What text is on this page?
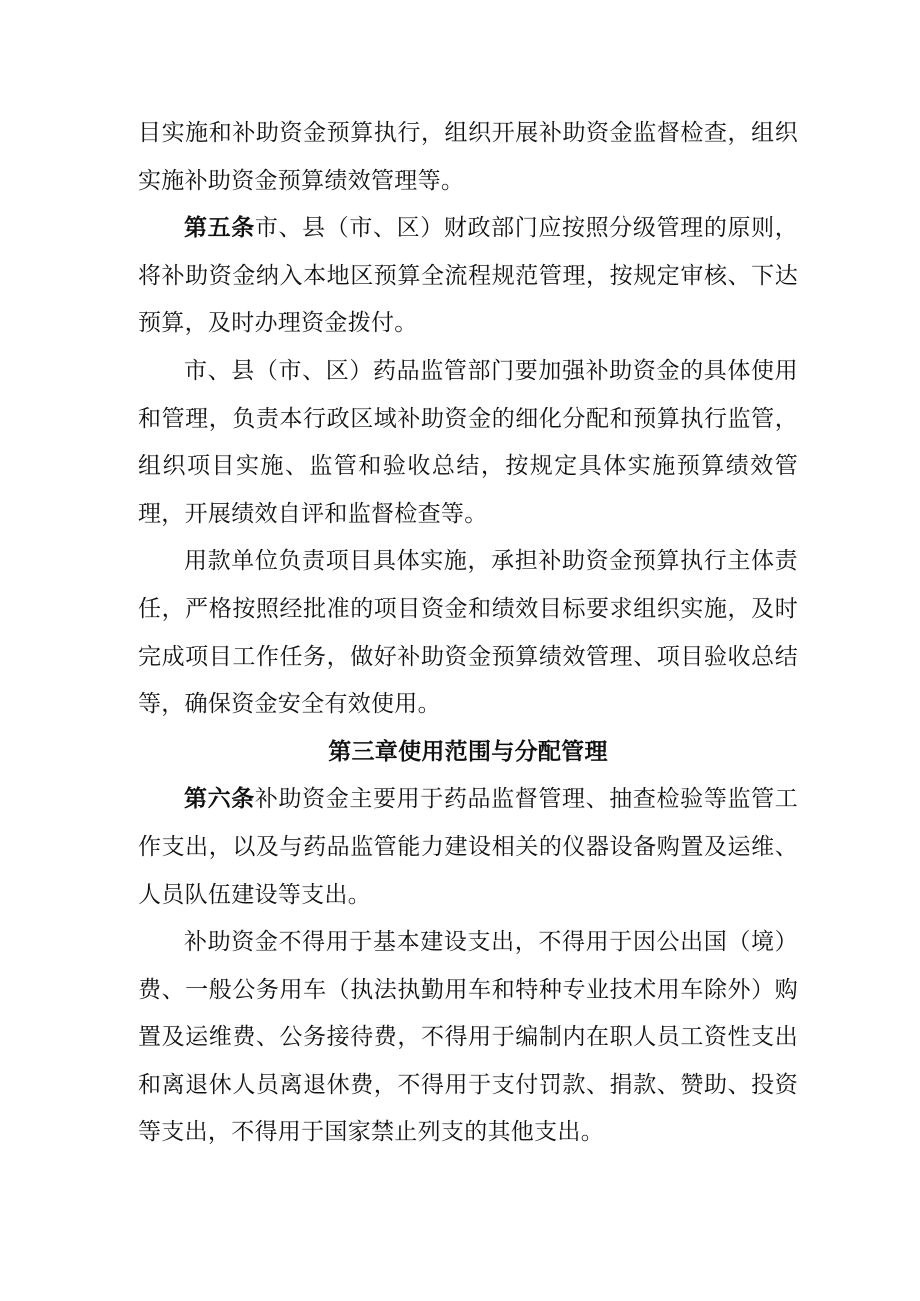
目实施和补助资金预算执行，组织开展补助资金监督检查，组织实施补助资金预算绩效管理等。

第五条市、县（市、区）财政部门应按照分级管理的原则，将补助资金纳入本地区预算全流程规范管理，按规定审核、下达预算，及时办理资金拨付。

市、县（市、区）药品监管部门要加强补助资金的具体使用和管理，负责本行政区域补助资金的细化分配和预算执行监管，组织项目实施、监管和验收总结，按规定具体实施预算绩效管理，开展绩效自评和监督检查等。

用款单位负责项目具体实施，承担补助资金预算执行主体责任，严格按照经批准的项目资金和绩效目标要求组织实施，及时完成项目工作任务，做好补助资金预算绩效管理、项目验收总结等，确保资金安全有效使用。

第三章使用范围与分配管理

第六条补助资金主要用于药品监督管理、抽查检验等监管工作支出，以及与药品监管能力建设相关的仪器设备购置及运维、人员队伍建设等支出。

补助资金不得用于基本建设支出，不得用于因公出国（境）费、一般公务用车（执法执勤用车和特种专业技术用车除外）购置及运维费、公务接待费，不得用于编制内在职人员工资性支出和离退休人员离退休费，不得用于支付罚款、捐款、赞助、投资等支出，不得用于国家禁止列支的其他支出。
